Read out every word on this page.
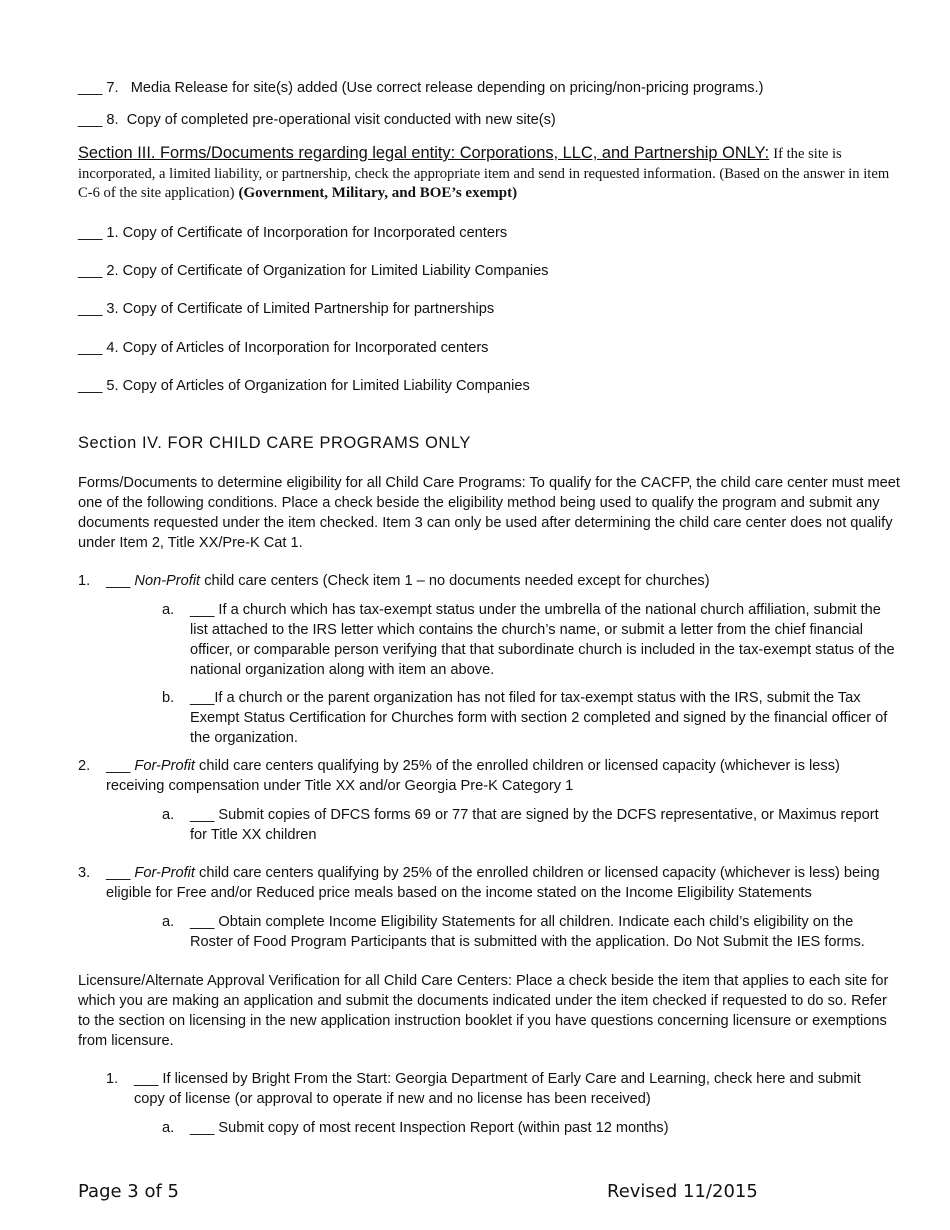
___ 7. Media Release for site(s) added (Use correct release depending on pricing/non-pricing programs.)
___ 8. Copy of completed pre-operational visit conducted with new site(s)
Section III. Forms/Documents regarding legal entity: Corporations, LLC, and Partnership ONLY: If the site is incorporated, a limited liability, or partnership, check the appropriate item and send in requested information. (Based on the answer in item C-6 of the site application) (Government, Military, and BOE’s exempt)
___ 1. Copy of Certificate of Incorporation for Incorporated centers
___ 2. Copy of Certificate of Organization for Limited Liability Companies
___ 3. Copy of Certificate of Limited Partnership for partnerships
___ 4. Copy of Articles of Incorporation for Incorporated centers
___ 5. Copy of Articles of Organization for Limited Liability Companies
Section IV. FOR CHILD CARE PROGRAMS ONLY
Forms/Documents to determine eligibility for all Child Care Programs: To qualify for the CACFP, the child care center must meet one of the following conditions. Place a check beside the eligibility method being used to qualify the program and submit any documents requested under the item checked. Item 3 can only be used after determining the child care center does not qualify under Item 2, Title XX/Pre-K Cat 1.
1. ___ Non-Profit child care centers (Check item 1 – no documents needed except for churches)
a. ___ If a church which has tax-exempt status under the umbrella of the national church affiliation, submit the list attached to the IRS letter which contains the church’s name, or submit a letter from the chief financial officer, or comparable person verifying that that subordinate church is included in the tax-exempt status of the national organization along with item an above.
b. ___If a church or the parent organization has not filed for tax-exempt status with the IRS, submit the Tax Exempt Status Certification for Churches form with section 2 completed and signed by the financial officer of the organization.
2. ___ For-Profit child care centers qualifying by 25% of the enrolled children or licensed capacity (whichever is less) receiving compensation under Title XX and/or Georgia Pre-K Category 1
a. ___ Submit copies of DFCS forms 69 or 77 that are signed by the DCFS representative, or Maximus report for Title XX children
3. ___ For-Profit child care centers qualifying by 25% of the enrolled children or licensed capacity (whichever is less) being eligible for Free and/or Reduced price meals based on the income stated on the Income Eligibility Statements
a. ___ Obtain complete Income Eligibility Statements for all children. Indicate each child’s eligibility on the Roster of Food Program Participants that is submitted with the application. Do Not Submit the IES forms.
Licensure/Alternate Approval Verification for all Child Care Centers: Place a check beside the item that applies to each site for which you are making an application and submit the documents indicated under the item checked if requested to do so. Refer to the section on licensing in the new application instruction booklet if you have questions concerning licensure or exemptions from licensure.
1. ___ If licensed by Bright From the Start: Georgia Department of Early Care and Learning, check here and submit copy of license (or approval to operate if new and no license has been received)
a. ___ Submit copy of most recent Inspection Report (within past 12 months)
Page 3 of 5	Revised 11/2015
